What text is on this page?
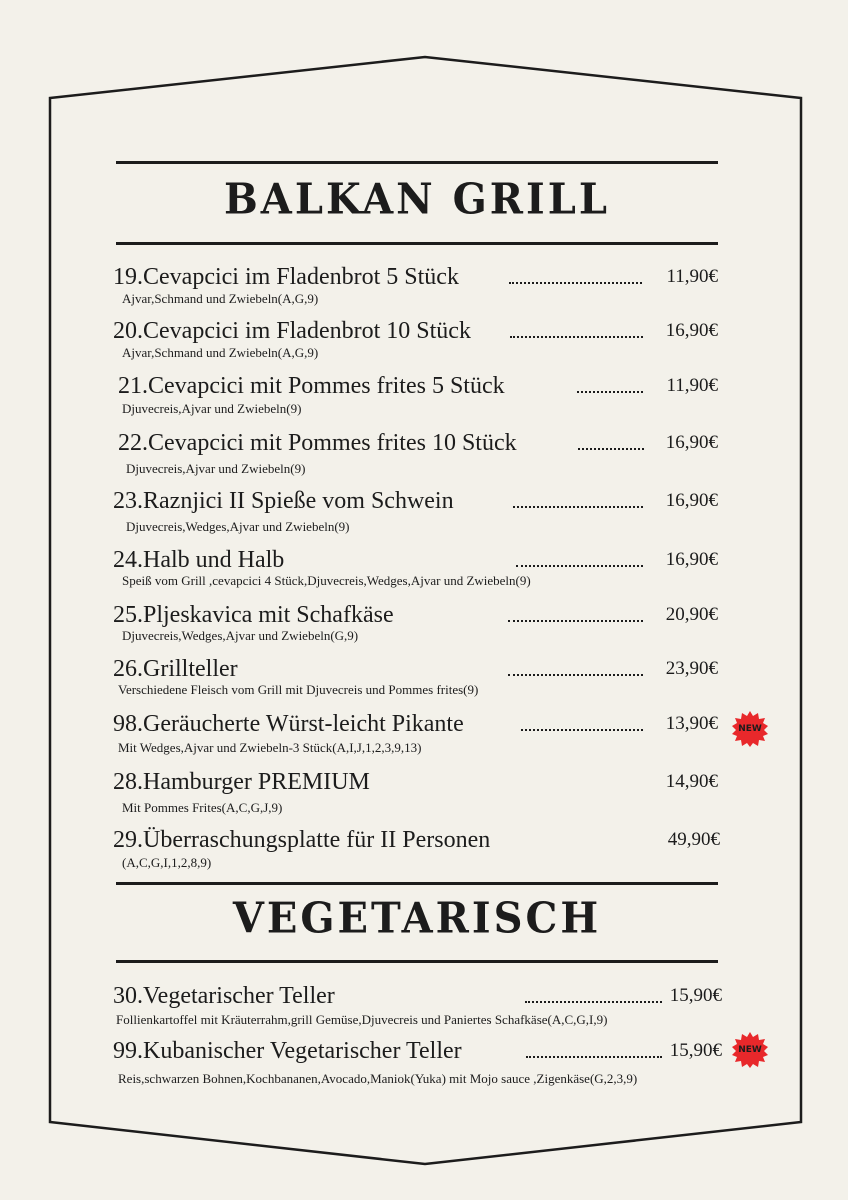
BALKAN GRILL
19.Cevapcici im Fladenbrot 5 Stück	11,90€
Ajvar,Schmand und Zwiebeln(A,G,9)
20.Cevapcici im Fladenbrot 10 Stück	16,90€
Ajvar,Schmand und Zwiebeln(A,G,9)
21.Cevapcici mit Pommes frites 5 Stück	11,90€
Djuvecreis,Ajvar und Zwiebeln(9)
22.Cevapcici mit Pommes frites 10 Stück	16,90€
Djuvecreis,Ajvar und Zwiebeln(9)
23.Raznjici II Spieße vom Schwein	16,90€
Djuvecreis,Wedges,Ajvar und Zwiebeln(9)
24.Halb und Halb	16,90€
Speiß vom Grill ,cevapcici 4 Stück,Djuvecreis,Wedges,Ajvar und Zwiebeln(9)
25.Pljeskavica mit Schafkäse	20,90€
Djuvecreis,Wedges,Ajvar und Zwiebeln(G,9)
26.Grillteller	23,90€
Verschiedene Fleisch vom Grill mit Djuvecreis und Pommes frites(9)
98.Geräucherte Würst-leicht Pikante	13,90€
Mit Wedges,Ajvar und Zwiebeln-3 Stück(A,I,J,1,2,3,9,13)
NEW
28.Hamburger PREMIUM	14,90€
Mit Pommes Frites(A,C,G,J,9)
29.Überraschungsplatte für II Personen	49,90€
(A,C,G,I,1,2,8,9)
VEGETARISCH
30.Vegetarischer Teller	15,90€
Follienkartoffel mit Kräuterrahm,grill Gemüse,Djuvecreis und Paniertes Schafkäse(A,C,G,I,9)
99.Kubanischer Vegetarischer Teller	15,90€
Reis,schwarzen Bohnen,Kochbananen,Avocado,Maniok(Yuka) mit Mojo sauce ,Zigenkäse(G,2,3,9)
NEW
